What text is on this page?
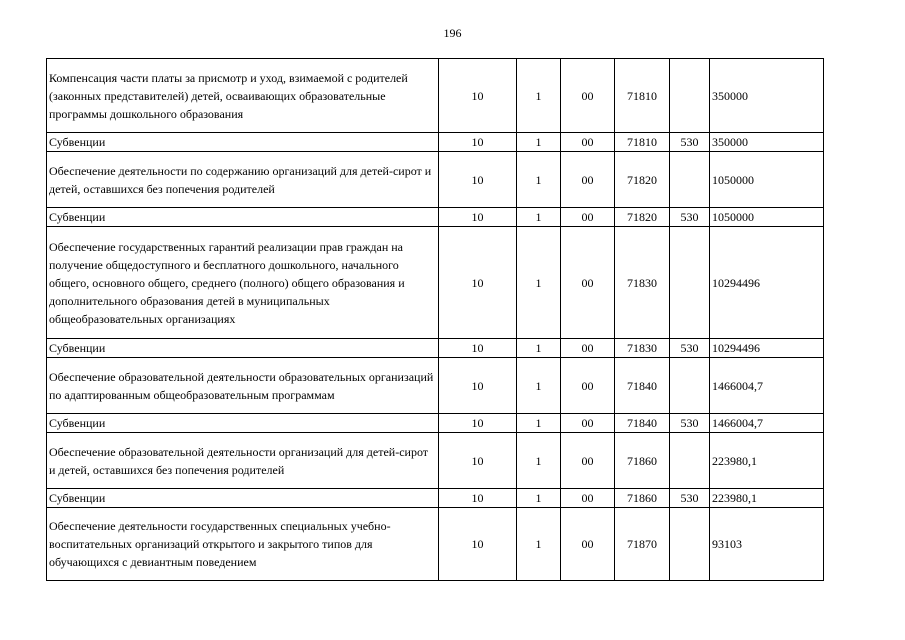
196
Компенсация части платы за присмотр и уход, взимаемой с родителей (законных представителей) детей, осваивающих образовательные программы дошкольного образования	10	1	00	71810		350000
Субвенции	10	1	00	71810	530	350000
Обеспечение деятельности по содержанию организаций для детей-сирот и детей, оставшихся без попечения родителей	10	1	00	71820		1050000
Субвенции	10	1	00	71820	530	1050000
Обеспечение государственных гарантий реализации прав граждан на получение общедоступного и бесплатного дошкольного, начального общего, основного общего, среднего (полного) общего образования и дополнительного образования детей в муниципальных общеобразовательных организациях	10	1	00	71830		10294496
Субвенции	10	1	00	71830	530	10294496
Обеспечение образовательной деятельности образовательных организаций по адаптированным общеобразовательным программам	10	1	00	71840		1466004,7
Субвенции	10	1	00	71840	530	1466004,7
Обеспечение образовательной деятельности организаций для детей-сирот и детей, оставшихся без попечения родителей	10	1	00	71860		223980,1
Субвенции	10	1	00	71860	530	223980,1
Обеспечение деятельности государственных специальных учебно-воспитательных организаций открытого и закрытого типов для обучающихся с девиантным поведением	10	1	00	71870		93103
